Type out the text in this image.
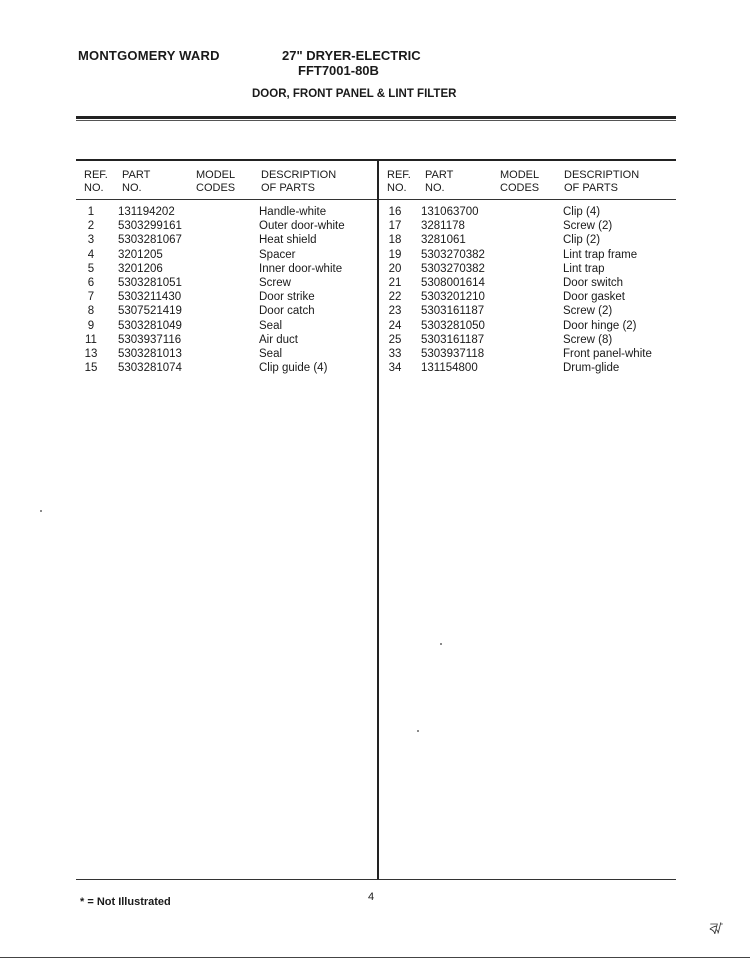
MONTGOMERY WARD	27" DRYER-ELECTRIC
FFT7001-80B
DOOR, FRONT PANEL & LINT FILTER
REF.
NO.
PART
NO.
MODEL
CODES
DESCRIPTION
OF PARTS
REF.
NO.
PART
NO.
MODEL
CODES
DESCRIPTION
OF PARTS
1
2
3
4
5
6
7
8
9
11
13
15
131194202
5303299161
5303281067
3201205
3201206
5303281051
5303211430
5307521419
5303281049
5303937116
5303281013
5303281074
Handle-white
Outer door-white
Heat shield
Spacer
Inner door-white
Screw
Door strike
Door catch
Seal
Air duct
Seal
Clip guide (4)
16
17
18
19
20
21
22
23
24
25
33
34
131063700
3281178
3281061
5303270382
5303270382
5308001614
5303201210
5303161187
5303281050
5303161187
5303937118
131154800
Clip (4)
Screw (2)
Clip (2)
Lint trap frame
Lint trap
Door switch
Door gasket
Screw (2)
Door hinge (2)
Screw (8)
Front panel-white
Drum-glide
* = Not Illustrated	4
ঝ
